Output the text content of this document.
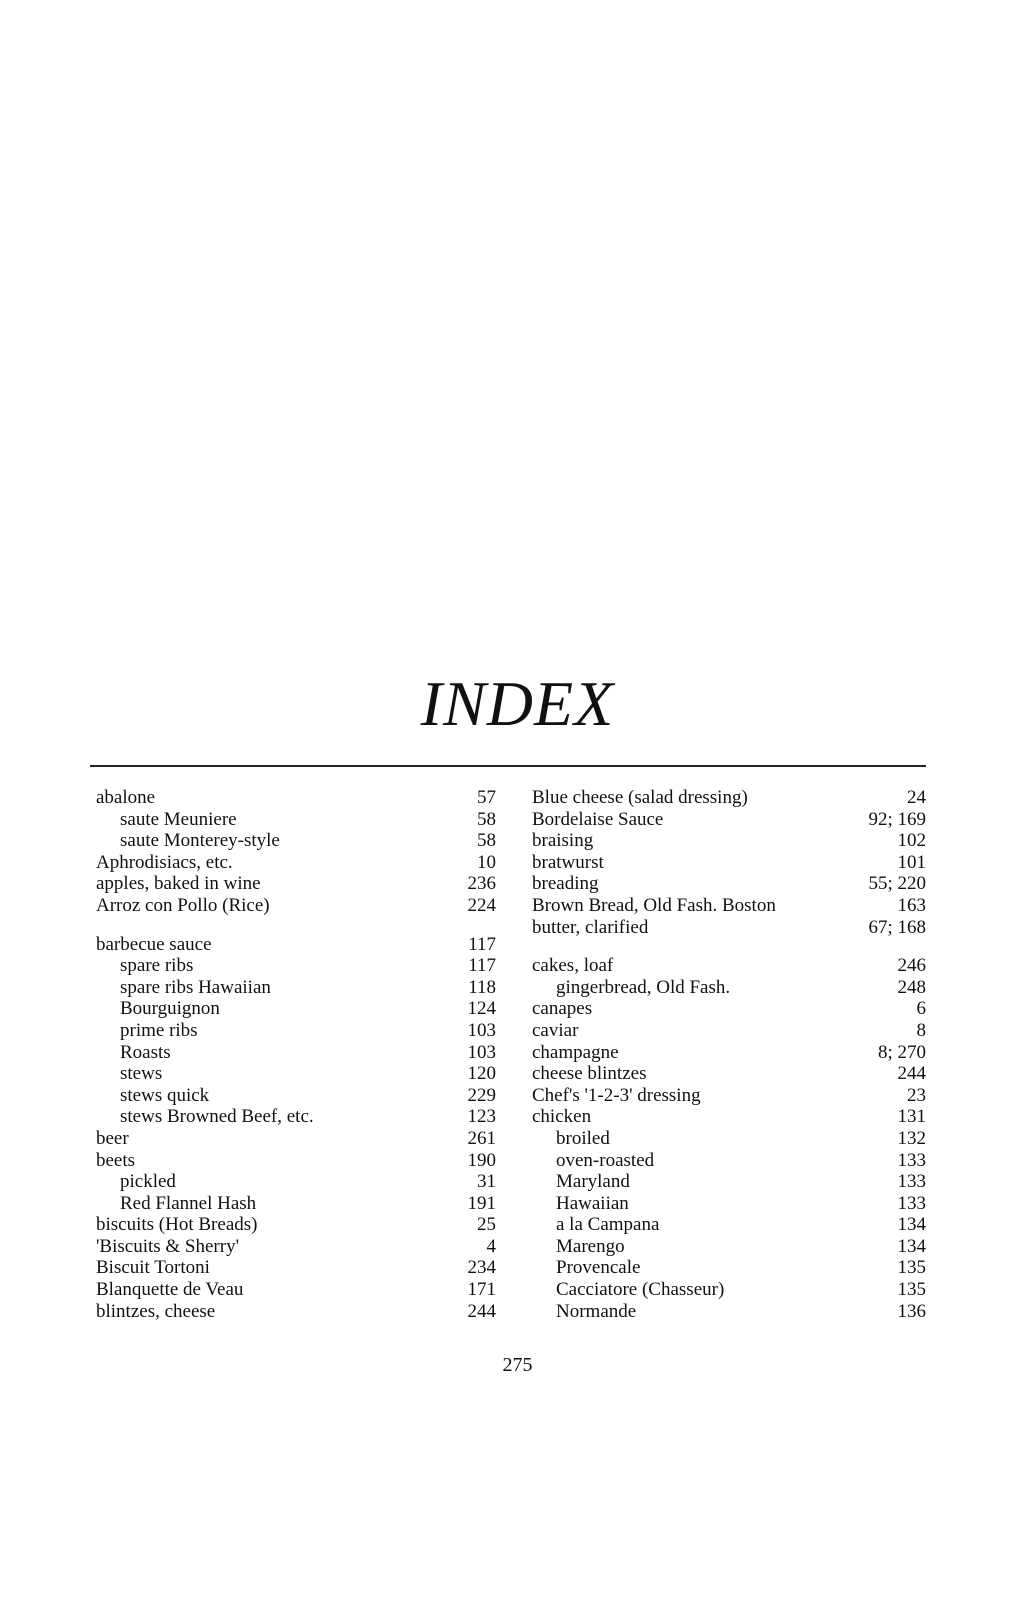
INDEX
abalone	57
saute Meuniere	58
saute Monterey-style	58
Aphrodisiacs, etc.	10
apples, baked in wine	236
Arroz con Pollo (Rice)	224
barbecue sauce	117
spare ribs	117
spare ribs Hawaiian	118
Bourguignon	124
prime ribs	103
Roasts	103
stews	120
stews quick	229
stews Browned Beef, etc.	123
beer	261
beets	190
pickled	31
Red Flannel Hash	191
biscuits (Hot Breads)	25
'Biscuits & Sherry'	4
Biscuit Tortoni	234
Blanquette de Veau	171
blintzes, cheese	244
Blue cheese (salad dressing)	24
Bordelaise Sauce	92; 169
braising	102
bratwurst	101
breading	55; 220
Brown Bread, Old Fash. Boston	163
butter, clarified	67; 168
cakes, loaf	246
gingerbread, Old Fash.	248
canapes	6
caviar	8
champagne	8; 270
cheese blintzes	244
Chef's '1-2-3' dressing	23
chicken	131
broiled	132
oven-roasted	133
Maryland	133
Hawaiian	133
a la Campana	134
Marengo	134
Provencale	135
Cacciatore (Chasseur)	135
Normande	136
275
